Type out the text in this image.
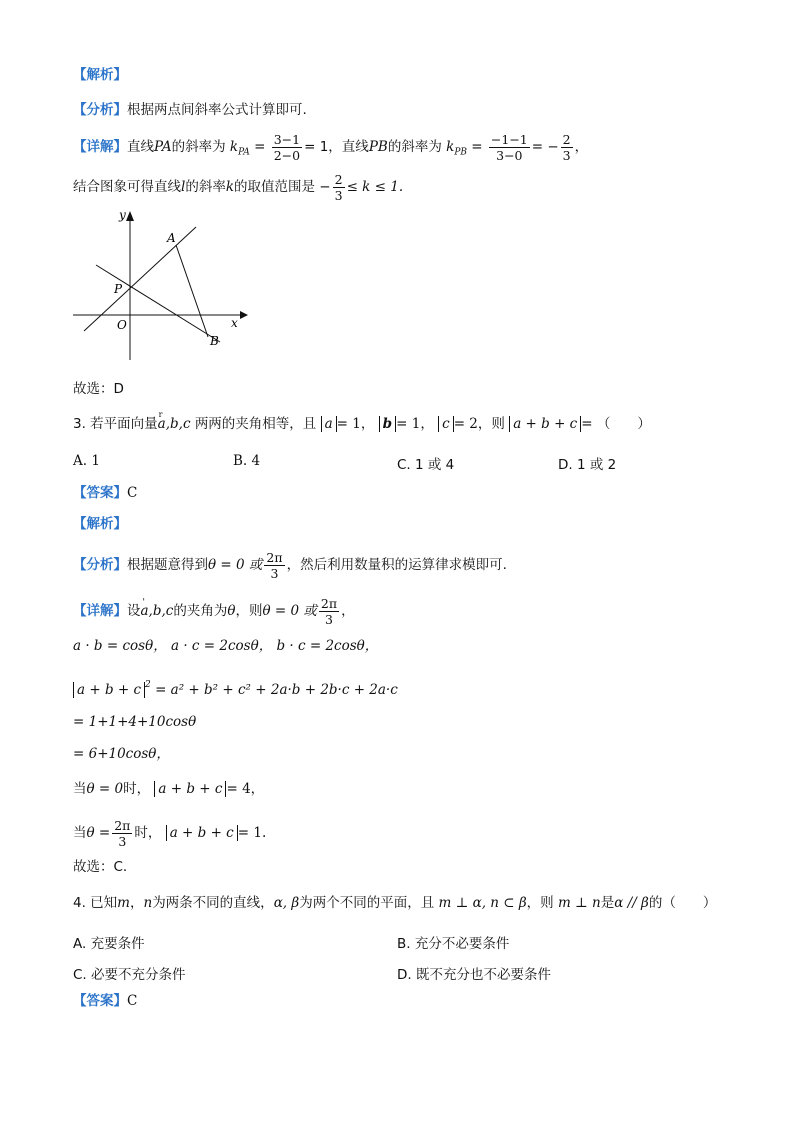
【解析】
【分析】根据两点间斜率公式计算即可.
【详解】直线PA的斜率为 $k_{PA} = \frac{3-1}{2-0} = 1$，直线PB的斜率为 $k_{PB} = \frac{-1-1}{3-0}$ = − $\frac{2}{3}$ ，
结合图象可得直线l的斜率k的取值范围是 − $\frac{2}{3} \le k \le 1$.
y
x
O
P
A
B
故选：D
3. 若平面向量r a,b,c 两两的夹角相等，且 a = 1， b = 1， c = 2，则 a + b + c = （　　）
A. 1	B. 4	C. 1 或 4	D. 1 或 2
【答案】C
【解析】
【分析】根据题意得到θ = 0 或 $\frac{2\pi}{3}$ ，然后利用数量积的运算律求模即可.
【详解】设' a,b,c的夹角为θ，则θ = 0 或 $\frac{2\pi}{3}$ ，
a · b = cosθ， a · c = 2cosθ， b · c = 2cosθ，
a + b + c $^2$ = a² + b² + c² + 2a·b + 2b·c + 2a·c
= 1+1+4+10cosθ
= 6+10cosθ，
当θ = 0时， a + b + c = 4，
当$\theta = \frac{2\pi}{3}$ 时， a + b + c = 1.
故选：C.
4. 已知m，n为两条不同的直线，α, β为两个不同的平面，且 m ⊥ α, n ⊂ β，则 m ⊥ n是α // β的（　　）
A. 充要条件	B. 充分不必要条件
C. 必要不充分条件	D. 既不充分也不必要条件
【答案】C
